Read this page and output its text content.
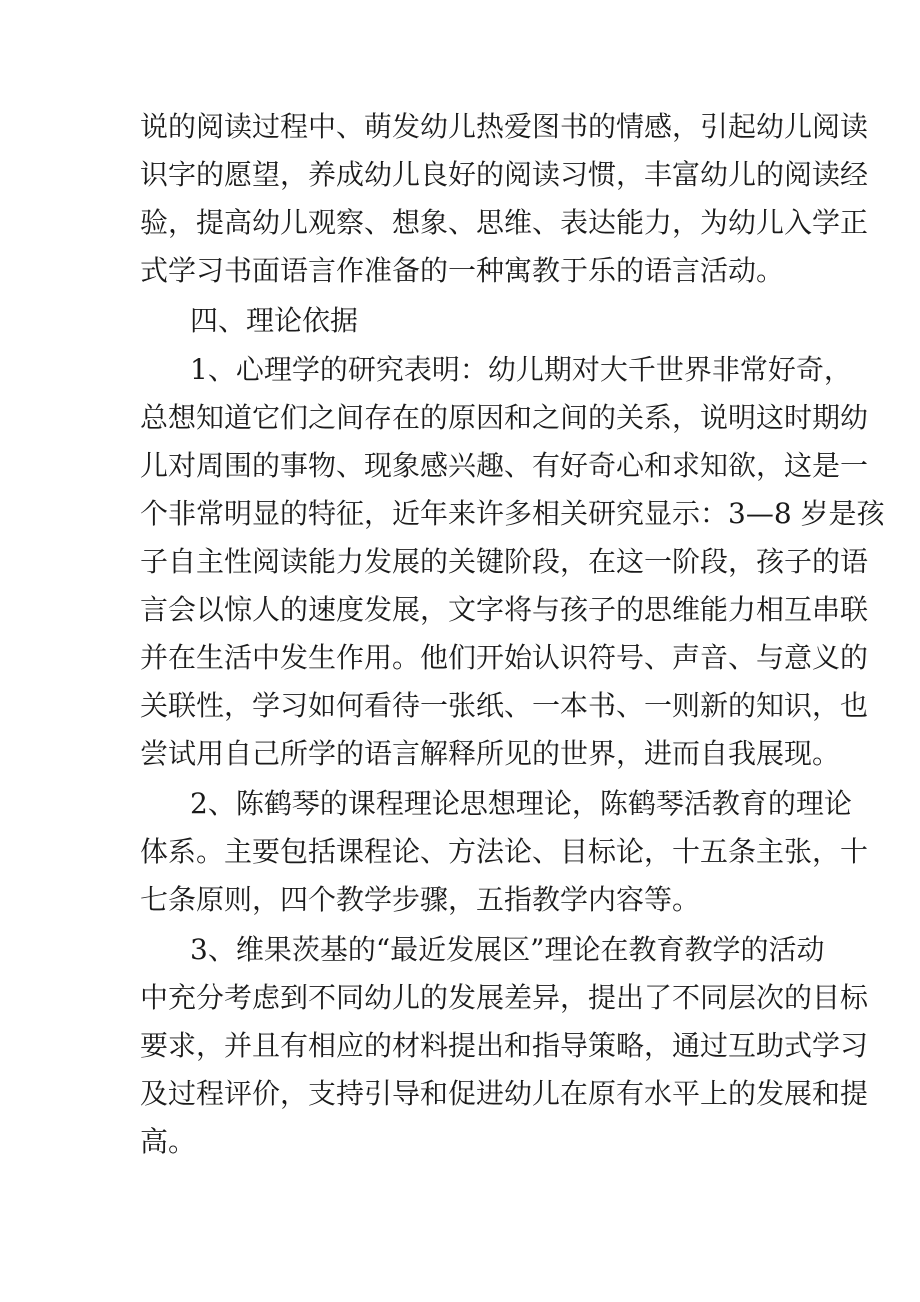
说的阅读过程中、萌发幼儿热爱图书的情感，引起幼儿阅读
识字的愿望，养成幼儿良好的阅读习惯，丰富幼儿的阅读经
验，提高幼儿观察、想象、思维、表达能力，为幼儿入学正
式学习书面语言作准备的一种寓教于乐的语言活动。
四、理论依据
1、心理学的研究表明：幼儿期对大千世界非常好奇，
总想知道它们之间存在的原因和之间的关系，说明这时期幼
儿对周围的事物、现象感兴趣、有好奇心和求知欲，这是一
个非常明显的特征，近年来许多相关研究显示：3—8 岁是孩
子自主性阅读能力发展的关键阶段，在这一阶段，孩子的语
言会以惊人的速度发展，文字将与孩子的思维能力相互串联
并在生活中发生作用。他们开始认识符号、声音、与意义的
关联性，学习如何看待一张纸、一本书、一则新的知识，也
尝试用自己所学的语言解释所见的世界，进而自我展现。
2、陈鹤琴的课程理论思想理论，陈鹤琴活教育的理论
体系。主要包括课程论、方法论、目标论，十五条主张，十
七条原则，四个教学步骤，五指教学内容等。
3、维果茨基的“最近发展区”理论在教育教学的活动
中充分考虑到不同幼儿的发展差异，提出了不同层次的目标
要求，并且有相应的材料提出和指导策略，通过互助式学习
及过程评价，支持引导和促进幼儿在原有水平上的发展和提
高。
